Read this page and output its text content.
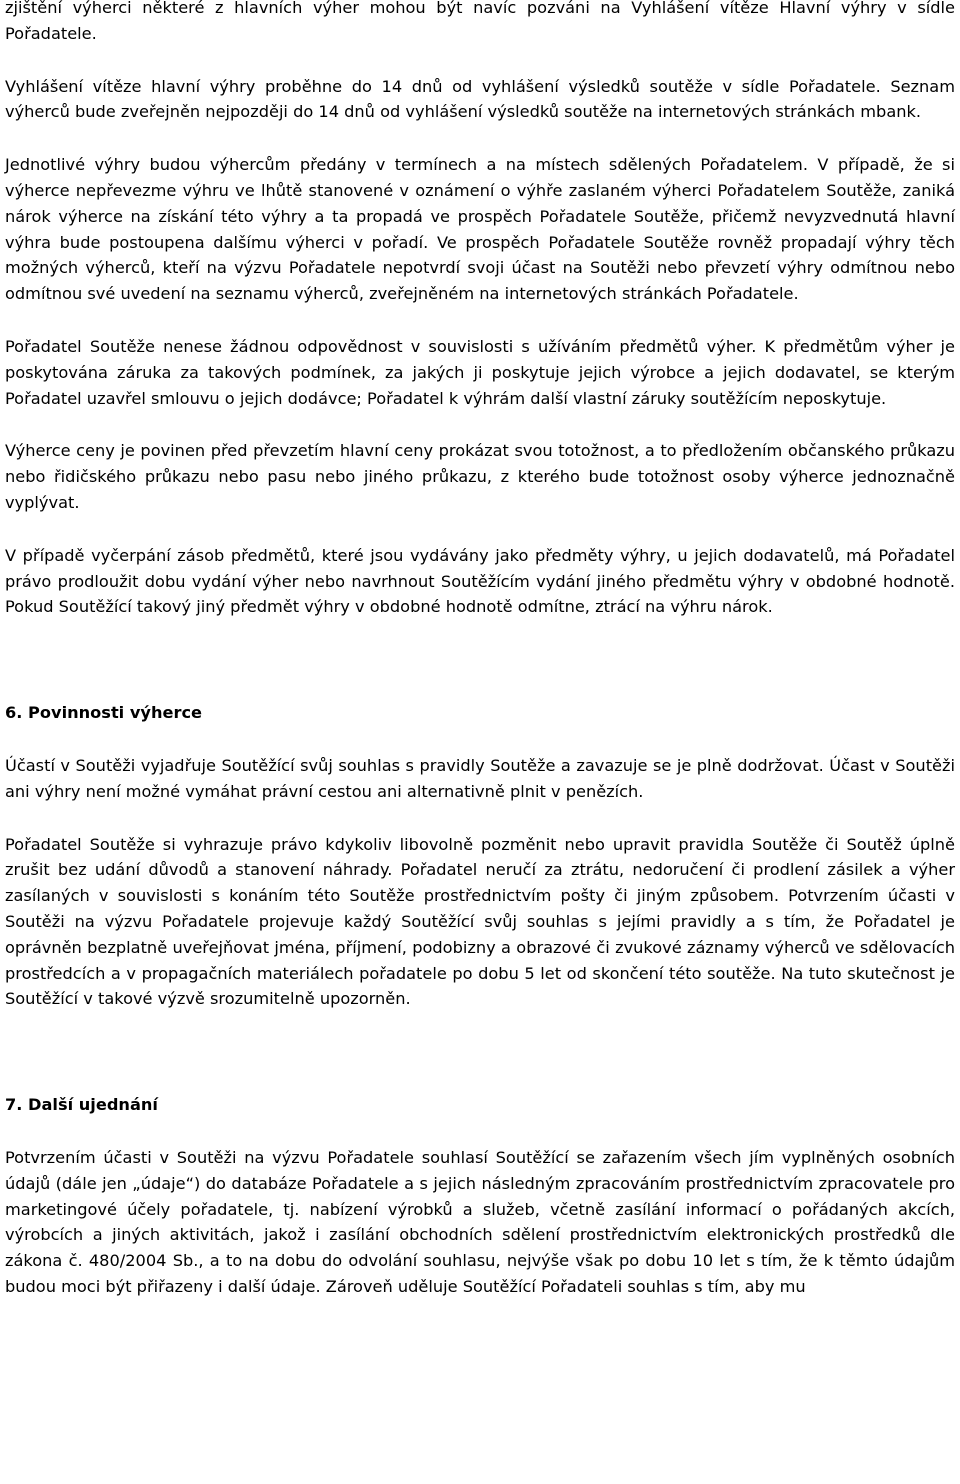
zjištění výherci některé z hlavních výher mohou být navíc pozváni na Vyhlášení vítěze Hlavní výhry v sídle Pořadatele.

Vyhlášení vítěze hlavní výhry proběhne do 14 dnů od vyhlášení výsledků soutěže v sídle Pořadatele. Seznam výherců bude zveřejněn nejpozději do 14 dnů od vyhlášení výsledků soutěže na internetových stránkách mbank.

Jednotlivé výhry budou výhercům předány v termínech a na místech sdělených Pořadatelem. V případě, že si výherce nepřevezme výhru ve lhůtě stanovené v oznámení o výhře zaslaném výherci Pořadatelem Soutěže, zaniká nárok výherce na získání této výhry a ta propadá ve prospěch Pořadatele Soutěže, přičemž nevyzvednutá hlavní výhra bude postoupena dalšímu výherci v pořadí. Ve prospěch Pořadatele Soutěže rovněž propadají výhry těch možných výherců, kteří na výzvu Pořadatele nepotvrdí svoji účast na Soutěži nebo převzetí výhry odmítnou nebo odmítnou své uvedení na seznamu výherců, zveřejněném na internetových stránkách Pořadatele.

Pořadatel Soutěže nenese žádnou odpovědnost v souvislosti s užíváním předmětů výher. K předmětům výher je poskytována záruka za takových podmínek, za jakých ji poskytuje jejich výrobce a jejich dodavatel, se kterým Pořadatel uzavřel smlouvu o jejich dodávce; Pořadatel k výhrám další vlastní záruky soutěžícím neposkytuje.

Výherce ceny je povinen před převzetím hlavní ceny prokázat svou totožnost, a to předložením občanského průkazu nebo řidičského průkazu nebo pasu nebo jiného průkazu, z kterého bude totožnost osoby výherce jednoznačně vyplývat.

V případě vyčerpání zásob předmětů, které jsou vydávány jako předměty výhry, u jejich dodavatelů, má Pořadatel právo prodloužit dobu vydání výher nebo navrhnout Soutěžícím vydání jiného předmětu výhry v obdobné hodnotě. Pokud Soutěžící takový jiný předmět výhry v obdobné hodnotě odmítne, ztrácí na výhru nárok.

6. Povinnosti výherce

Účastí v Soutěži vyjadřuje Soutěžící svůj souhlas s pravidly Soutěže a zavazuje se je plně dodržovat. Účast v Soutěži ani výhry není možné vymáhat právní cestou ani alternativně plnit v penězích.

Pořadatel Soutěže si vyhrazuje právo kdykoliv libovolně pozměnit nebo upravit pravidla Soutěže či Soutěž úplně zrušit bez udání důvodů a stanovení náhrady. Pořadatel neručí za ztrátu, nedoručení či prodlení zásilek a výher zasílaných v souvislosti s konáním této Soutěže prostřednictvím pošty či jiným způsobem. Potvrzením účasti v Soutěži na výzvu Pořadatele projevuje každý Soutěžící svůj souhlas s jejími pravidly a s tím, že Pořadatel je oprávněn bezplatně uveřejňovat jména, příjmení, podobizny a obrazové či zvukové záznamy výherců ve sdělovacích prostředcích a v propagačních materiálech pořadatele po dobu 5 let od skončení této soutěže. Na tuto skutečnost je Soutěžící v takové výzvě srozumitelně upozorněn.

7. Další ujednání

Potvrzením účasti v Soutěži na výzvu Pořadatele souhlasí Soutěžící se zařazením všech jím vyplněných osobních údajů (dále jen „údaje“) do databáze Pořadatele a s jejich následným zpracováním prostřednictvím zpracovatele pro marketingové účely pořadatele, tj. nabízení výrobků a služeb, včetně zasílání informací o pořádaných akcích, výrobcích a jiných aktivitách, jakož i zasílání obchodních sdělení prostřednictvím elektronických prostředků dle zákona č. 480/2004 Sb., a to na dobu do odvolání souhlasu, nejvýše však po dobu 10 let s tím, že k těmto údajům budou moci být přiřazeny i další údaje. Zároveň uděluje Soutěžící Pořadateli souhlas s tím, aby mu
